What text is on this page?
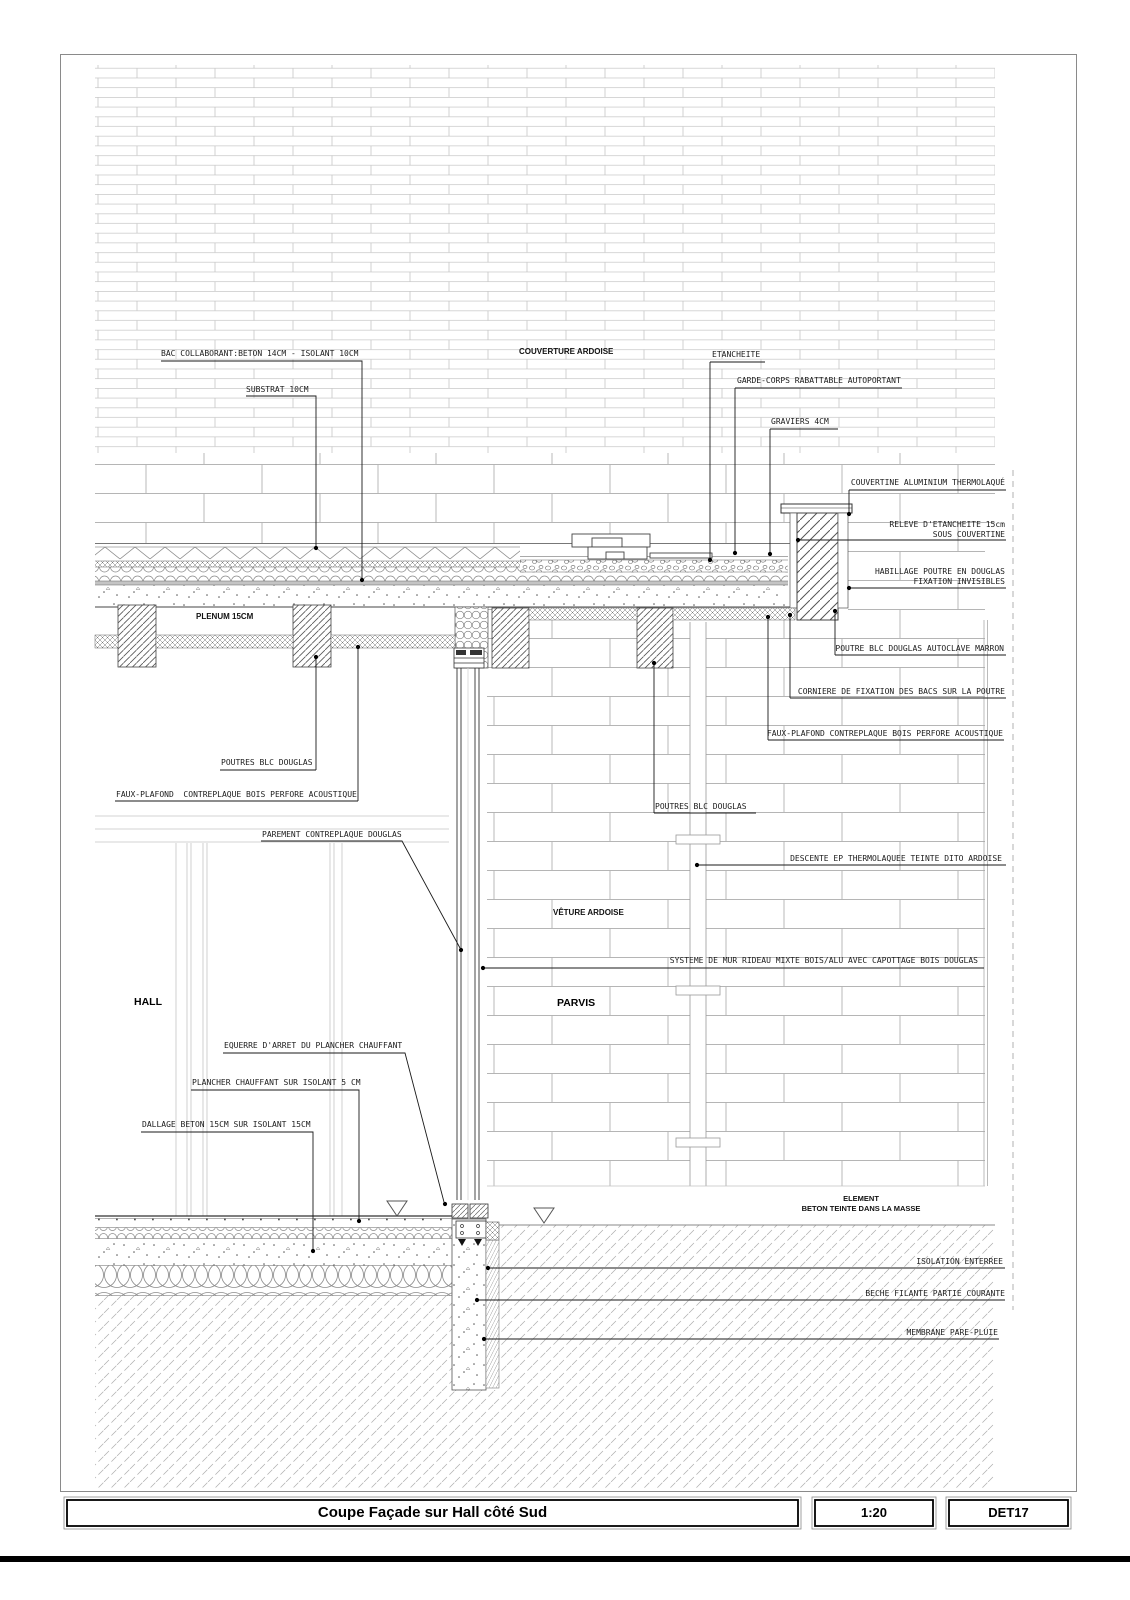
BAC COLLABORANT:BETON 14CM - ISOLANT 10CM
SUBSTRAT 10CM
COUVERTURE ARDOISE	ETANCHEITE
GARDE-CORPS RABATTABLE AUTOPORTANT
GRAVIERS 4CM
COUVERTINE ALUMINIUM THERMOLAQUÉ
RELEVE D'ETANCHEITE 15cm
SOUS COUVERTINE
HABILLAGE POUTRE EN DOUGLAS
FIXATION INVISIBLES
PLENUM 15CM
POUTRE BLC DOUGLAS AUTOCLAVE MARRON
CORNIERE DE FIXATION DES BACS SUR LA POUTRE
FAUX-PLAFOND CONTREPLAQUE BOIS PERFORE ACOUSTIQUE
POUTRES BLC DOUGLAS
FAUX-PLAFOND  CONTREPLAQUE BOIS PERFORE ACOUSTIQUE
POUTRES BLC DOUGLAS
PAREMENT CONTREPLAQUE DOUGLAS
DESCENTE EP THERMOLAQUEE TEINTE DITO ARDOISE
VÊTURE ARDOISE
SYSTEME DE MUR RIDEAU MIXTE BOIS/ALU AVEC CAPOTTAGE BOIS DOUGLAS
HALL	PARVIS
EQUERRE D'ARRET DU PLANCHER CHAUFFANT
PLANCHER CHAUFFANT SUR ISOLANT 5 CM
DALLAGE BETON 15CM SUR ISOLANT 15CM
ELEMENT
BETON TEINTE DANS LA MASSE
ISOLATION ENTERREE
BECHE FILANTE PARTIE COURANTE
MEMBRANE PARE-PLUIE
Coupe Façade sur Hall côté Sud	1:20	DET17
